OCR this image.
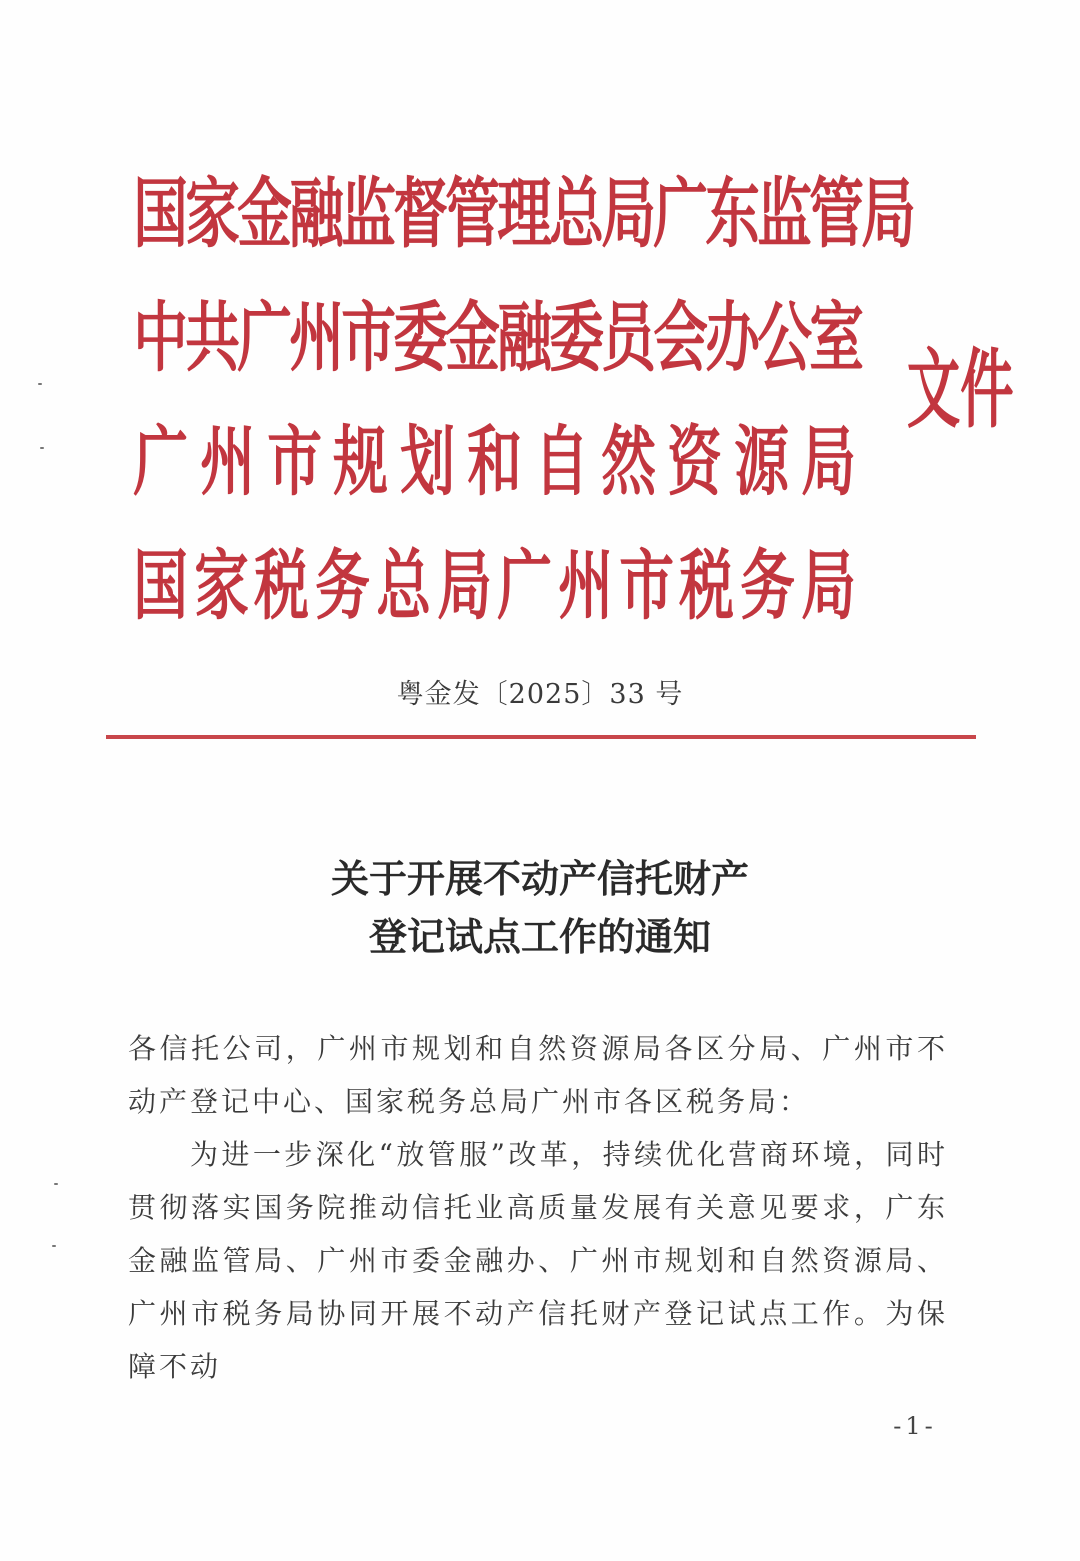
国
家
金
融
监
督
管
理
总
局
广
东
监
管
局
中
共
广
州
市
委
金
融
委
员
会
办
公
室
广 州 市 规 划 和 自 然 资 源 局
国 家 税 务 总 局 广 州 市 税 务 局
文件
粤金发〔2025〕33 号
关于开展不动产信托财产
登记试点工作的通知

各信托公司，广州市规划和自然资源局各区分局、广州市不动产登记中心、国家税务总局广州市各区税务局：

为进一步深化“放管服”改革，持续优化营商环境，同时贯彻落实国务院推动信托业高质量发展有关意见要求，广东金融监管局、广州市委金融办、广州市规划和自然资源局、广州市税务局协同开展不动产信托财产登记试点工作。为保障不动

-1-
